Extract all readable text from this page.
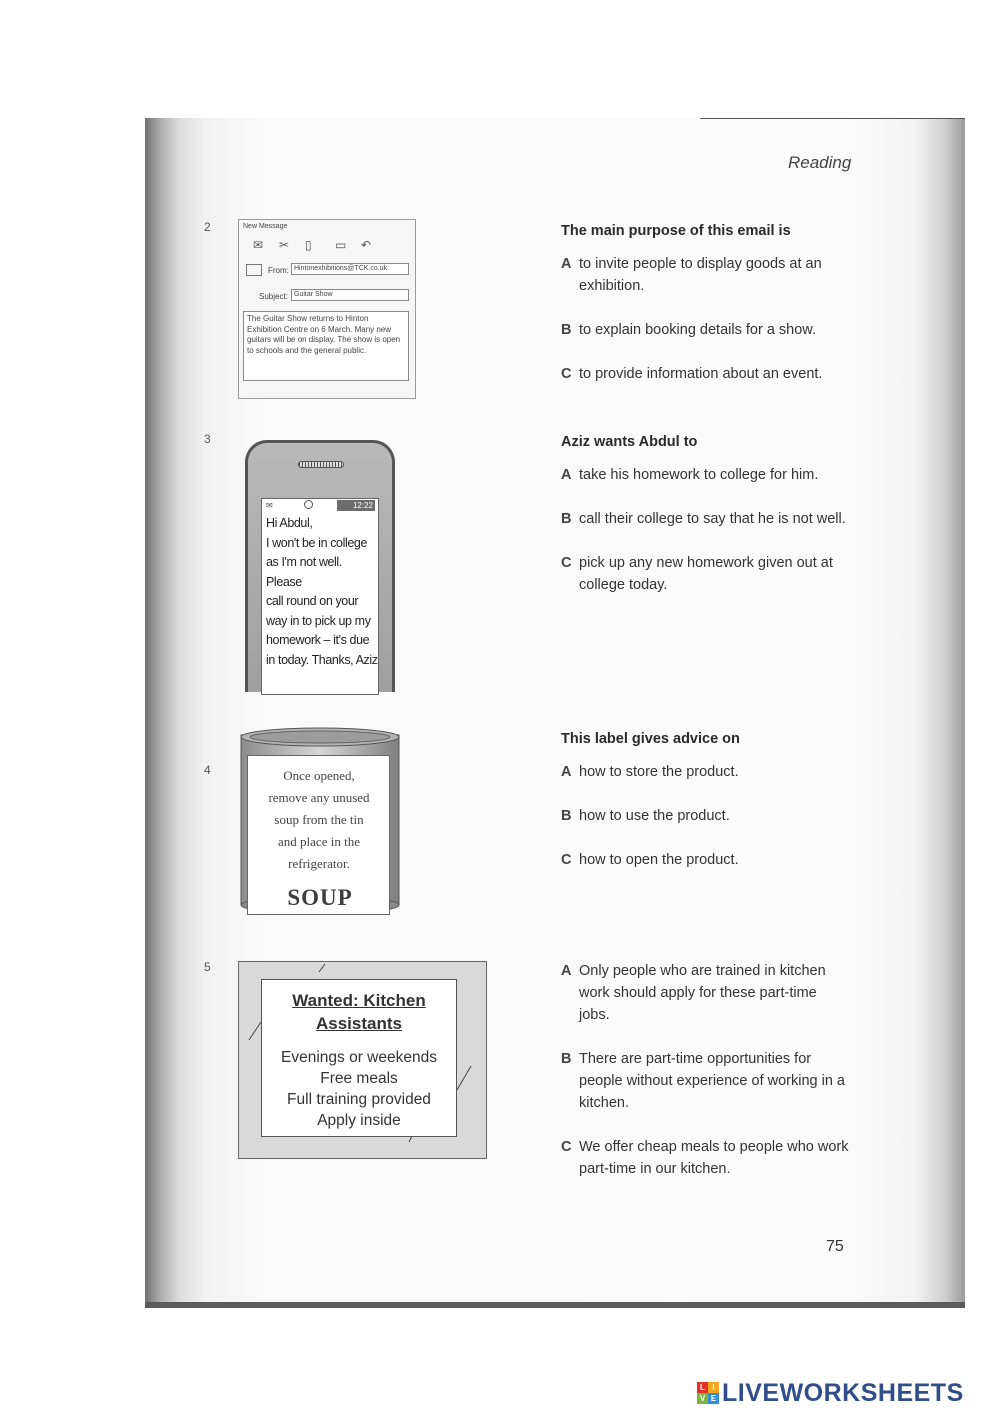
Reading
2
3
4
5
New Message
✉ ✂ ▯ ▭ ↶
From: Hintonexhibitions@TCK.co.uk
Subject: Guitar Show
The Guitar Show returns to Hinton Exhibition Centre on 6 March. Many new guitars will be on display. The show is open to schools and the general public.
✉	12:22
Hi Abdul,
I won't be in college
as I'm not well. Please
call round on your
way in to pick up my
homework – it's due
in today. Thanks, Aziz
Once opened,
remove any unused
soup from the tin
and place in the
refrigerator.
SOUP
Wanted: Kitchen
Assistants
Evenings or weekends
Free meals
Full training provided
Apply inside
The main purpose of this email is
A to invite people to display goods at an exhibition.
B to explain booking details for a show.
C to provide information about an event.
Aziz wants Abdul to
A take his homework to college for him.
B call their college to say that he is not well.
C pick up any new homework given out at college today.
This label gives advice on
A how to store the product.
B how to use the product.
C how to open the product.
A Only people who are trained in kitchen work should apply for these part-time jobs.
B There are part-time opportunities for people without experience of working in a kitchen.
C We offer cheap meals to people who work part-time in our kitchen.
75
L I
V E LIVEWORKSHEETS
